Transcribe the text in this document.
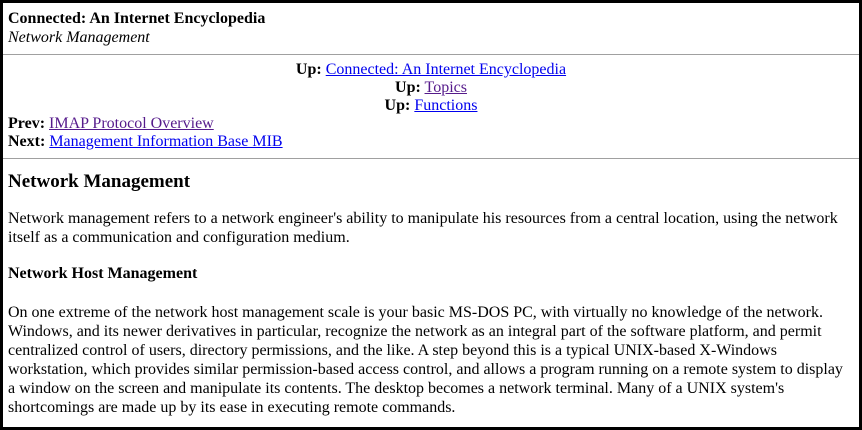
Connected: An Internet Encyclopedia
Network Management
Up: Connected: An Internet Encyclopedia
Up: Topics
Up: Functions
Prev: IMAP Protocol Overview
Next: Management Information Base MIB
Network Management

Network management refers to a network engineer's ability to manipulate his resources from a central location, using the network itself as a communication and configuration medium.

Network Host Management

On one extreme of the network host management scale is your basic MS-DOS PC, with virtually no knowledge of the network. Windows, and its newer derivatives in particular, recognize the network as an integral part of the software platform, and permit centralized control of users, directory permissions, and the like. A step beyond this is a typical UNIX-based X-Windows workstation, which provides similar permission-based access control, and allows a program running on a remote system to display a window on the screen and manipulate its contents. The desktop becomes a network terminal. Many of a UNIX system's shortcomings are made up by its ease in executing remote commands.
